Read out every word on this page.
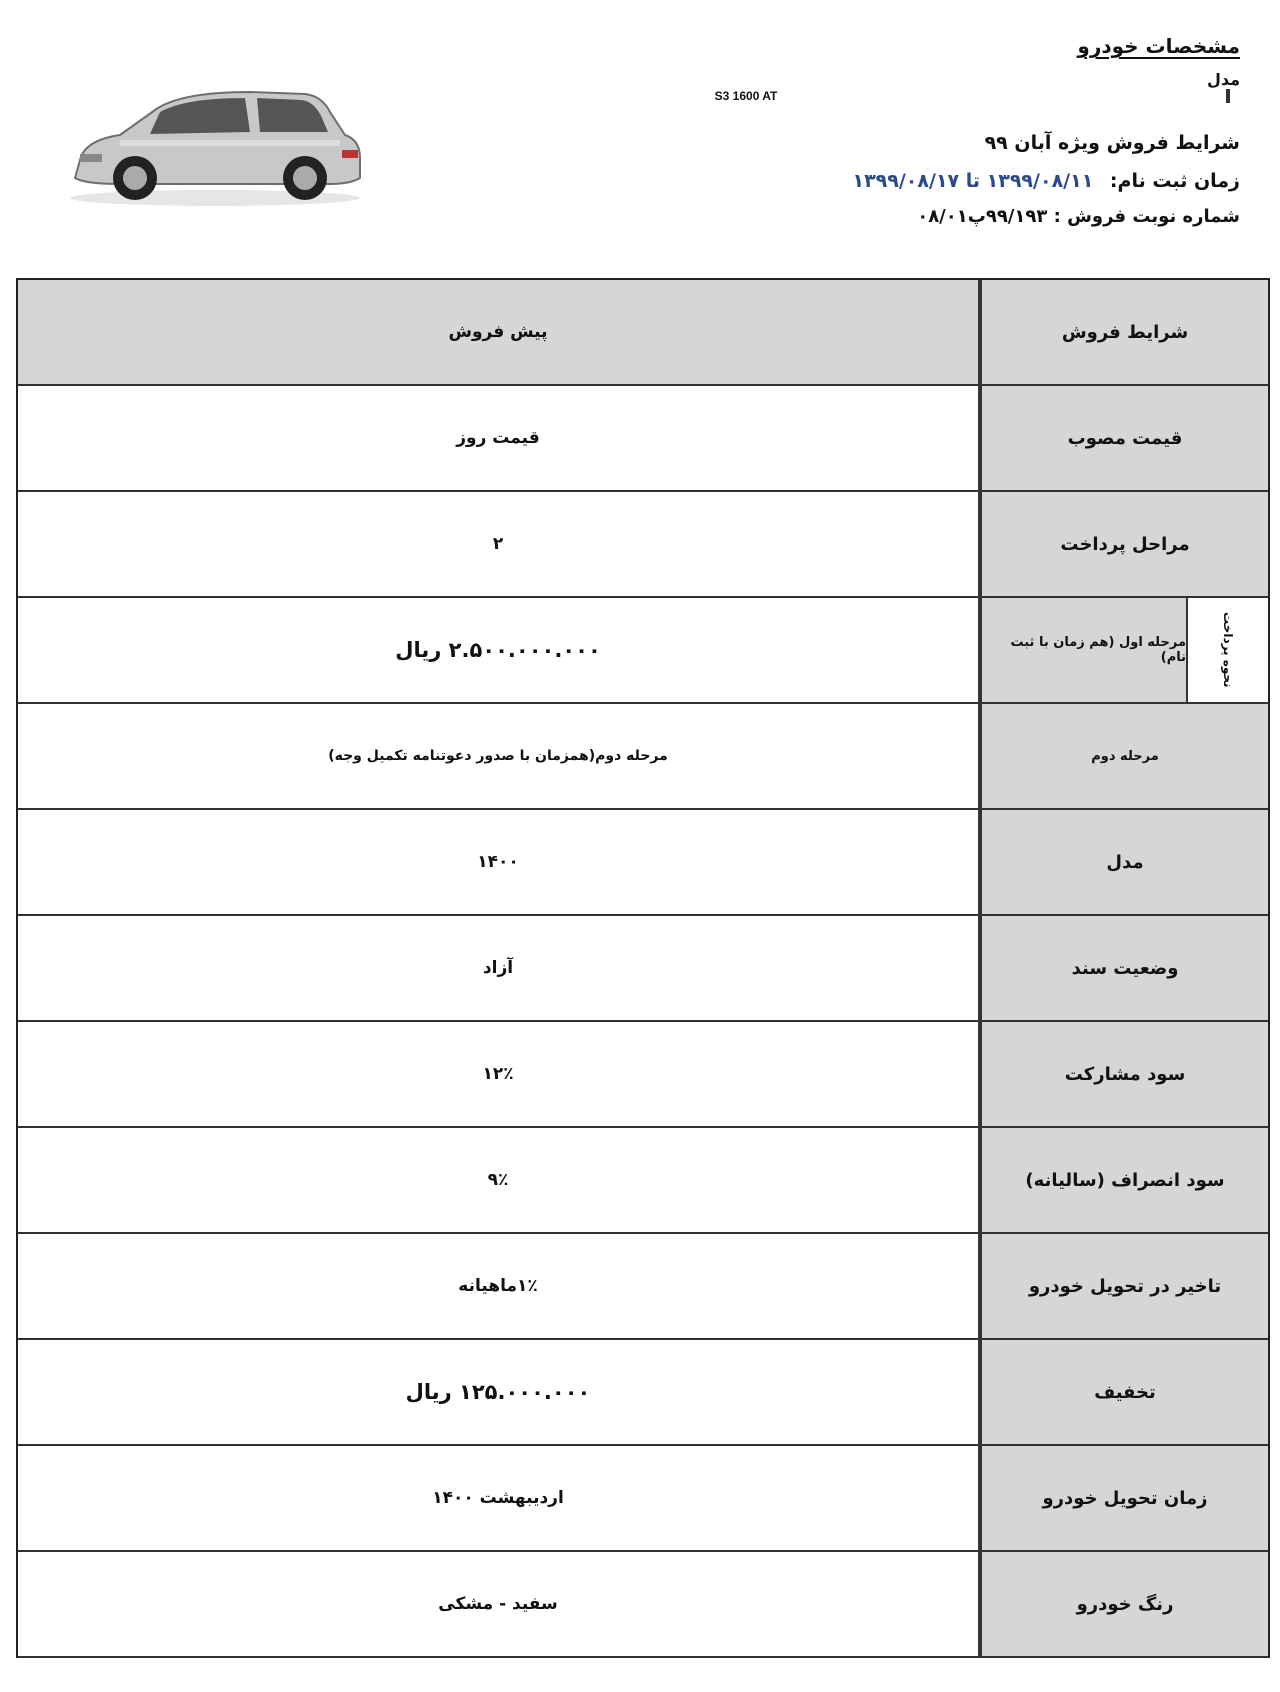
مشخصات خودرو
مدل
S3 1600 AT
شرایط فروش ویژه آبان ۹۹
زمان ثبت نام: ۱۳۹۹/۰۸/۱۱ تا ۱۳۹۹/۰۸/۱۷
شماره نوبت فروش : ۹۹/۱۹۳پ۰۸/۰۱
پیش فروش	شرایط فروش
قیمت روز	قیمت مصوب
۲	مراحل پرداخت
۲.۵۰۰.۰۰۰.۰۰۰ ریال	مرحله اول (هم زمان با ثبت نام)	نحوه پرداخت
مرحله دوم(همزمان با صدور دعوتنامه تکمیل وجه)	مرحله دوم
۱۴۰۰	مدل
آزاد	وضعیت سند
۱۲٪	سود مشارکت
۹٪	سود انصراف (سالیانه)
۱٪ماهیانه	تاخیر در تحویل خودرو
۱۲۵.۰۰۰.۰۰۰ ریال	تخفیف
اردیبهشت ۱۴۰۰	زمان تحویل خودرو
سفید - مشکی	رنگ خودرو
